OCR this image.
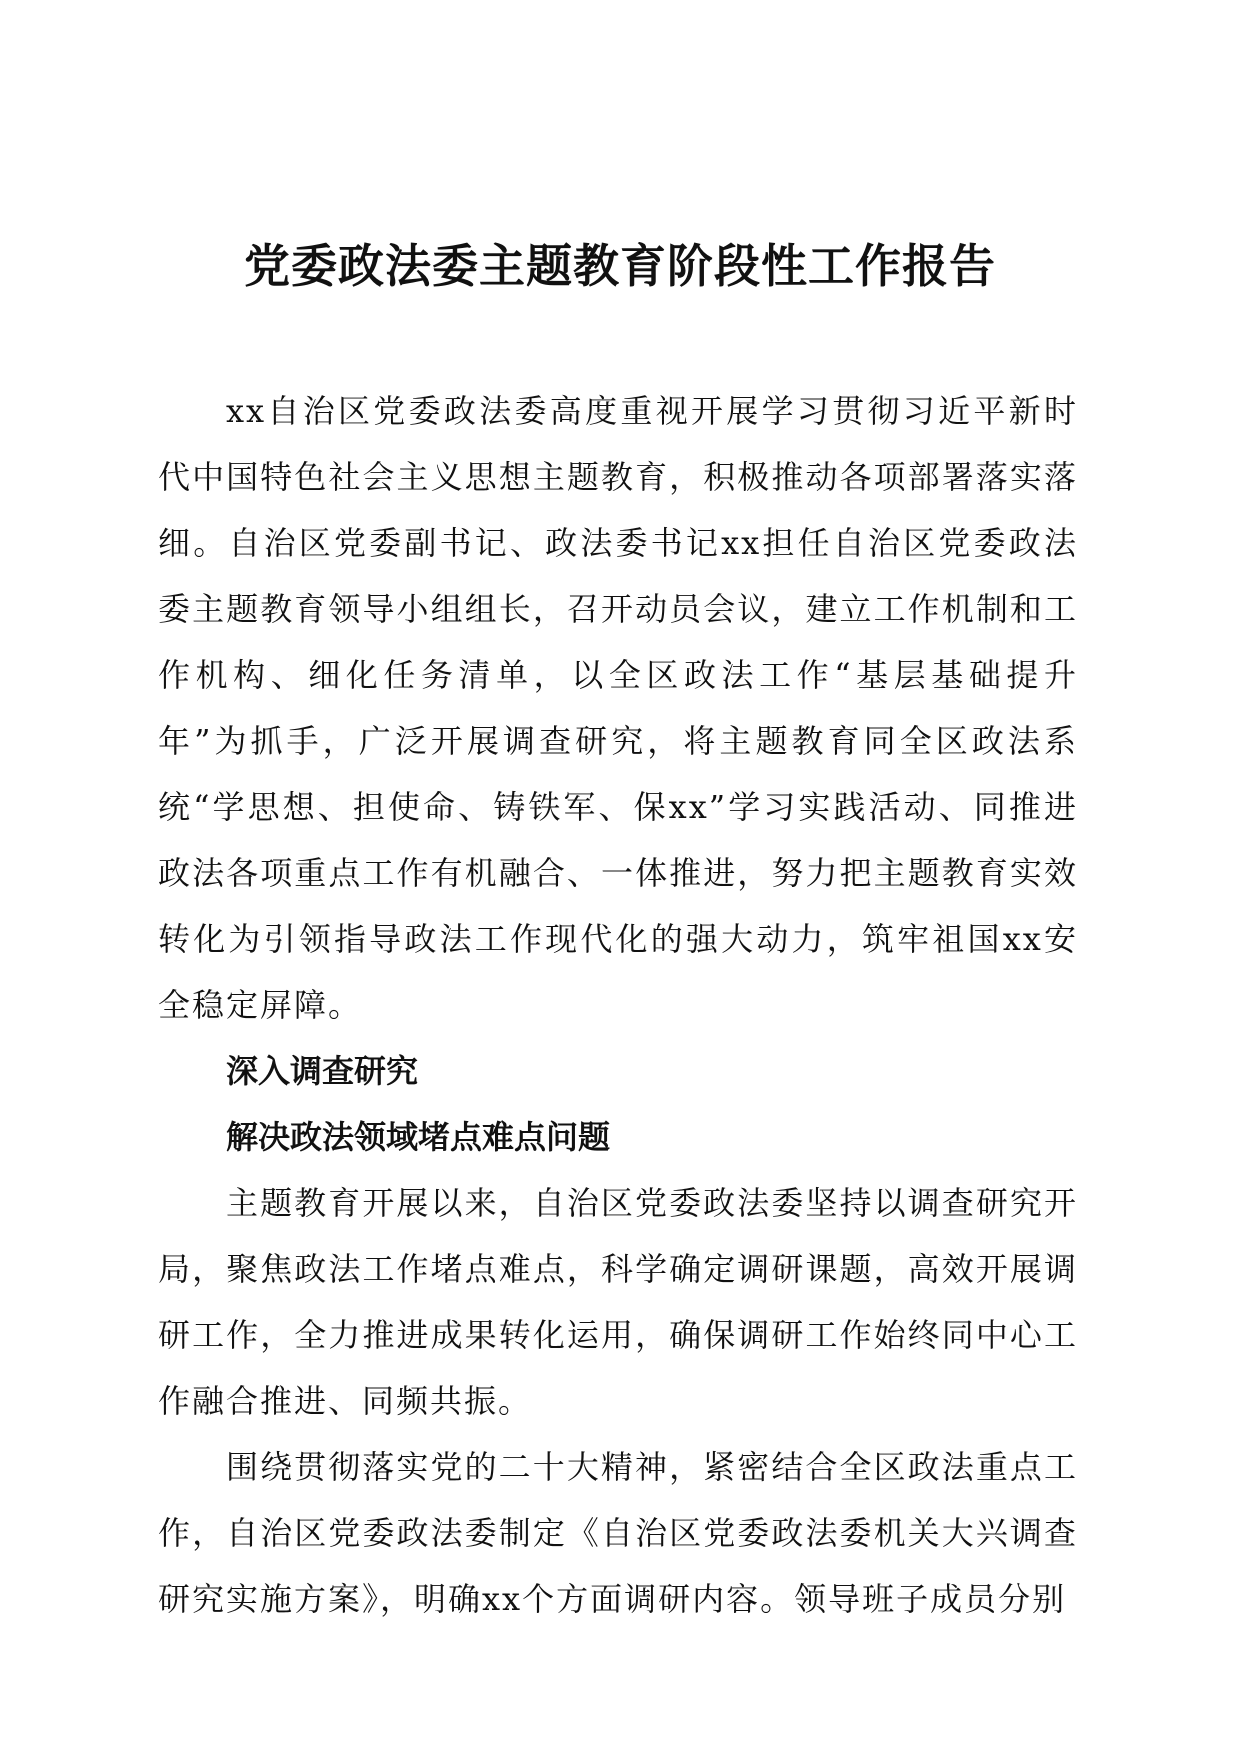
党委政法委主题教育阶段性工作报告

xx自治区党委政法委高度重视开展学习贯彻习近平新时代中国特色社会主义思想主题教育，积极推动各项部署落实落细。自治区党委副书记、政法委书记xx担任自治区党委政法委主题教育领导小组组长，召开动员会议，建立工作机制和工作机构、细化任务清单，以全区政法工作“基层基础提升年”为抓手，广泛开展调查研究，将主题教育同全区政法系统“学思想、担使命、铸铁军、保xx”学习实践活动、同推进政法各项重点工作有机融合、一体推进，努力把主题教育实效转化为引领指导政法工作现代化的强大动力，筑牢祖国xx安全稳定屏障。

深入调查研究

解决政法领域堵点难点问题

主题教育开展以来，自治区党委政法委坚持以调查研究开局，聚焦政法工作堵点难点，科学确定调研课题，高效开展调研工作，全力推进成果转化运用，确保调研工作始终同中心工作融合推进、同频共振。

围绕贯彻落实党的二十大精神，紧密结合全区政法重点工作，自治区党委政法委制定《自治区党委政法委机关大兴调查研究实施方案》，明确xx个方面调研内容。领导班子成员分别
